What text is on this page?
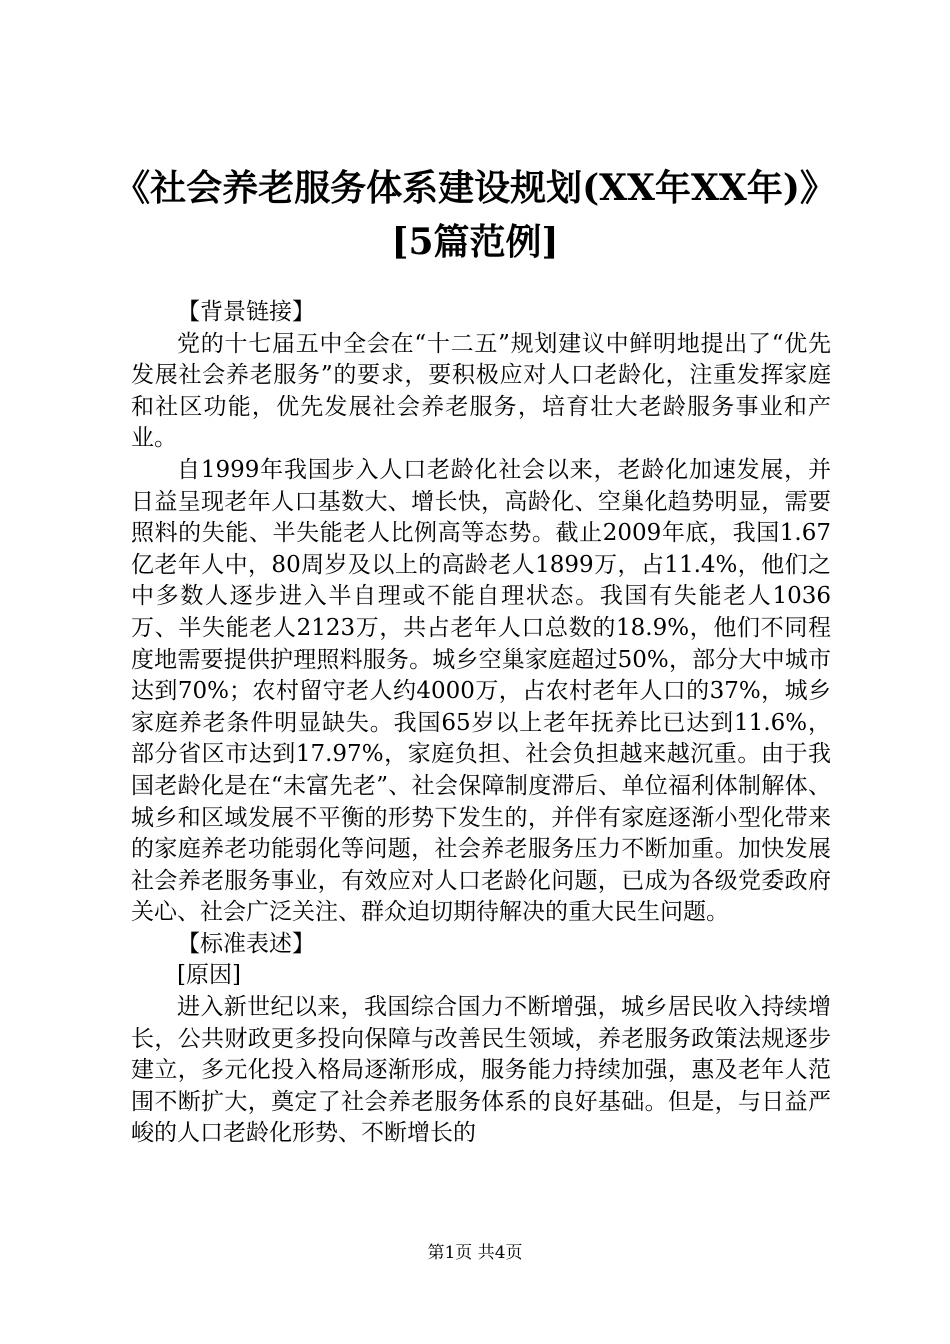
《社会养老服务体系建设规划(XX年XX年)》
[5篇范例]

【背景链接】

党的十七届五中全会在“十二五”规划建议中鲜明地提出了“优先发展社会养老服务”的要求，要积极应对人口老龄化，注重发挥家庭和社区功能，优先发展社会养老服务，培育壮大老龄服务事业和产业。

自1999年我国步入人口老龄化社会以来，老龄化加速发展，并日益呈现老年人口基数大、增长快，高龄化、空巢化趋势明显，需要照料的失能、半失能老人比例高等态势。截止2009年底，我国1.67亿老年人中，80周岁及以上的高龄老人1899万，占11.4%，他们之中多数人逐步进入半自理或不能自理状态。我国有失能老人1036万、半失能老人2123万，共占老年人口总数的18.9%，他们不同程度地需要提供护理照料服务。城乡空巢家庭超过50%，部分大中城市达到70%；农村留守老人约4000万，占农村老年人口的37%，城乡家庭养老条件明显缺失。我国65岁以上老年抚养比已达到11.6%，部分省区市达到17.97%，家庭负担、社会负担越来越沉重。由于我国老龄化是在“未富先老”、社会保障制度滞后、单位福利体制解体、城乡和区域发展不平衡的形势下发生的，并伴有家庭逐渐小型化带来的家庭养老功能弱化等问题，社会养老服务压力不断加重。加快发展社会养老服务事业，有效应对人口老龄化问题，已成为各级党委政府关心、社会广泛关注、群众迫切期待解决的重大民生问题。

【标准表述】

[原因]

进入新世纪以来，我国综合国力不断增强，城乡居民收入持续增长，公共财政更多投向保障与改善民生领域，养老服务政策法规逐步建立，多元化投入格局逐渐形成，服务能力持续加强，惠及老年人范围不断扩大，奠定了社会养老服务体系的良好基础。但是，与日益严峻的人口老龄化形势、不断增长的

第1页 共4页
